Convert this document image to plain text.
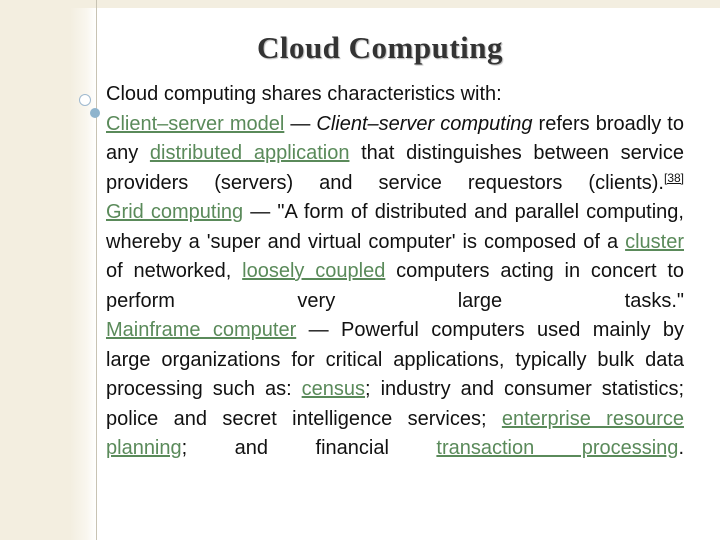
Cloud Computing

Cloud computing shares characteristics with:

Client–server model — Client–server computing refers broadly to any distributed application that distinguishes between service providers (servers) and service requestors (clients).[38]

Grid computing — "A form of distributed and parallel computing, whereby a 'super and virtual computer' is composed of a cluster of networked, loosely coupled computers acting in concert to perform very large tasks."

Mainframe computer — Powerful computers used mainly by large organizations for critical applications, typically bulk data processing such as: census; industry and consumer statistics; police and secret intelligence services; enterprise resource planning; and financial transaction processing.
